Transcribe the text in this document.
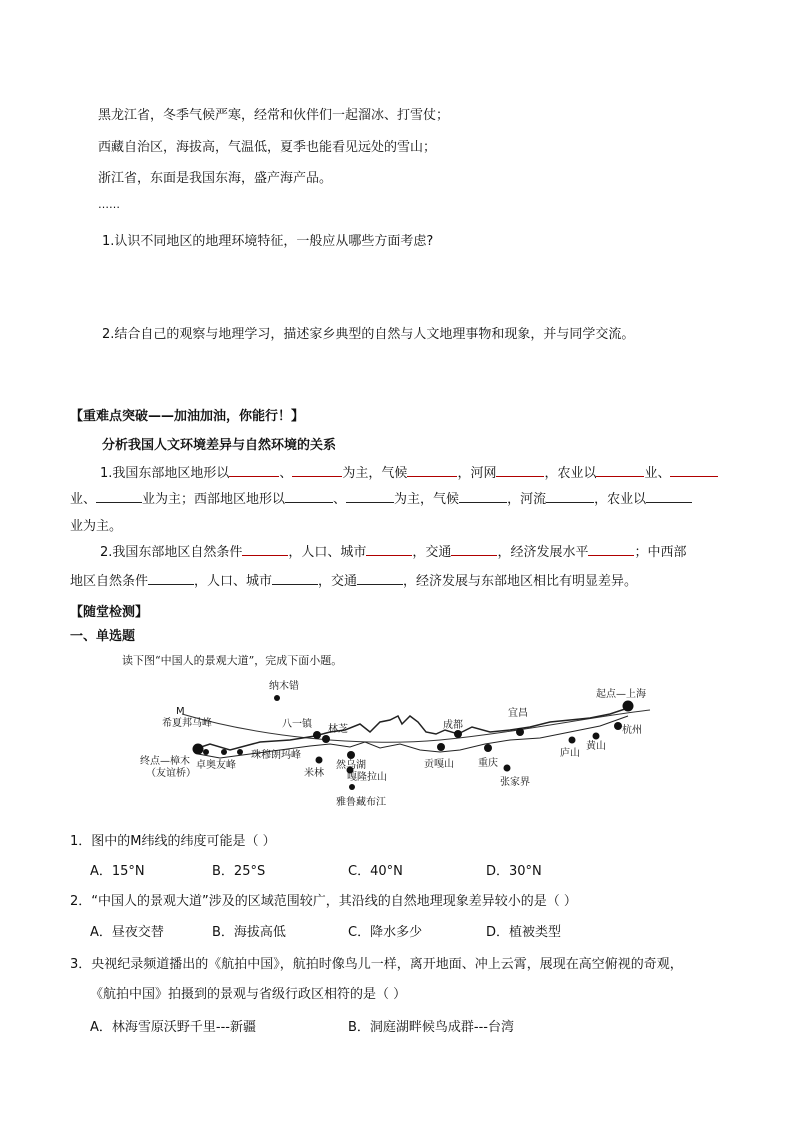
黑龙江省，冬季气候严寒，经常和伙伴们一起溜冰、打雪仗；
西藏自治区，海拔高，气温低，夏季也能看见远处的雪山；
浙江省，东面是我国东海，盛产海产品。
……
1.认识不同地区的地理环境特征，一般应从哪些方面考虑?
2.结合自己的观察与地理学习，描述家乡典型的自然与人文地理事物和现象，并与同学交流。
【重难点突破——加油加油，你能行！】
分析我国人文环境差异与自然环境的关系
1.我国东部地区地形以	、	为主，气候	，河网	，农业以	业、
业、	业为主；西部地区地形以	、	为主，气候	，河流	，农业以
业为主。
2.我国东部地区自然条件	，人口、城市	，交通	，经济发展水平	；中西部
地区自然条件	，人口、城市	，交通	，经济发展与东部地区相比有明显差异。
【随堂检测】
一、单选题
读下图“中国人的景观大道”，完成下面小题。
纳木错
M
希夏邦马峰	八一镇 林芝	成都
宜昌
起点—上海
杭州
黄山
庐山
张家界
重庆
贡嘎山
终点—樟木
（友谊桥）
卓奥友峰
珠穆朗玛峰
米林
然乌湖
嘎隆拉山
雅鲁藏布江
1．图中的M纬线的纬度可能是（ ）
A．15°N	B．25°S	C．40°N	D．30°N
2．“中国人的景观大道”涉及的区域范围较广，其沿线的自然地理现象差异较小的是（ ）
A．昼夜交替	B．海拔高低	C．降水多少	D．植被类型
3．央视纪录频道播出的《航拍中国》，航拍时像鸟儿一样，离开地面、冲上云霄，展现在高空俯视的奇观，
《航拍中国》拍摄到的景观与省级行政区相符的是（ ）
A．林海雪原沃野千里---新疆	B．洞庭湖畔候鸟成群---台湾
